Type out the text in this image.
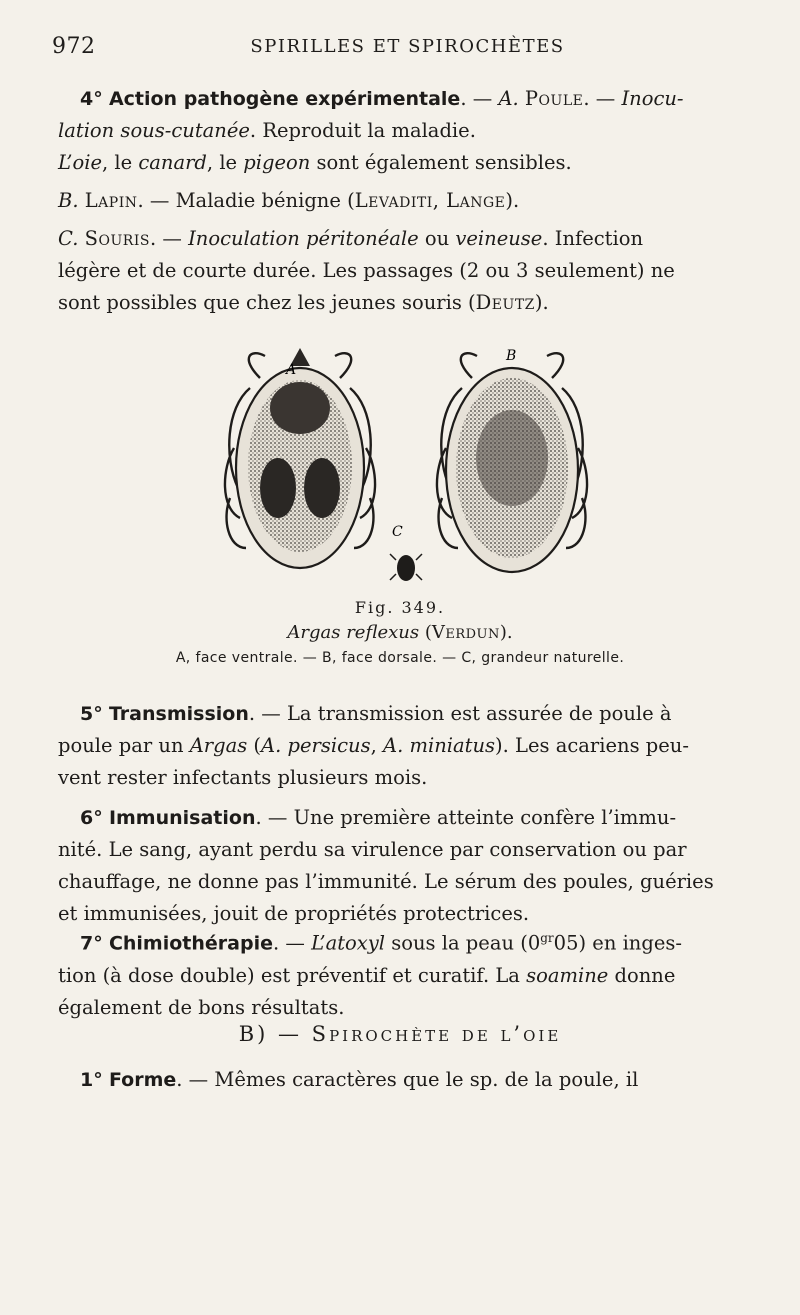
972	SPIRILLES ET SPIROCHÈTES
4° Action pathogène expérimentale. — A. Poule. — Inocu-
lation sous-cutanée. Reproduit la maladie.
L’oie, le canard, le pigeon sont également sensibles.
B. Lapin. — Maladie bénigne (Levaditi, Lange).
C. Souris. — Inoculation péritonéale ou veineuse. Infection
légère et de courte durée. Les passages (2 ou 3 seulement) ne
sont possibles que chez les jeunes souris (Deutz).
A
B
C
Fig. 349.
Argas reflexus (Verdun).
A, face ventrale. — B, face dorsale. — C, grandeur naturelle.
5° Transmission. — La transmission est assurée de poule à
poule par un Argas (A. persicus, A. miniatus). Les acariens peu-
vent rester infectants plusieurs mois.
6° Immunisation. — Une première atteinte confère l’immu-
nité. Le sang, ayant perdu sa virulence par conservation ou par
chauffage, ne donne pas l’immunité. Le sérum des poules, guéries
et immunisées, jouit de propriétés protectrices.
7° Chimiothérapie. — L’atoxyl sous la peau $(0^{gr}05)$ en inges-
tion (à dose double) est préventif et curatif. La soamine donne
également de bons résultats.
B) — Spirochète de l’oie
1° Forme. — Mêmes caractères que le sp. de la poule, il
